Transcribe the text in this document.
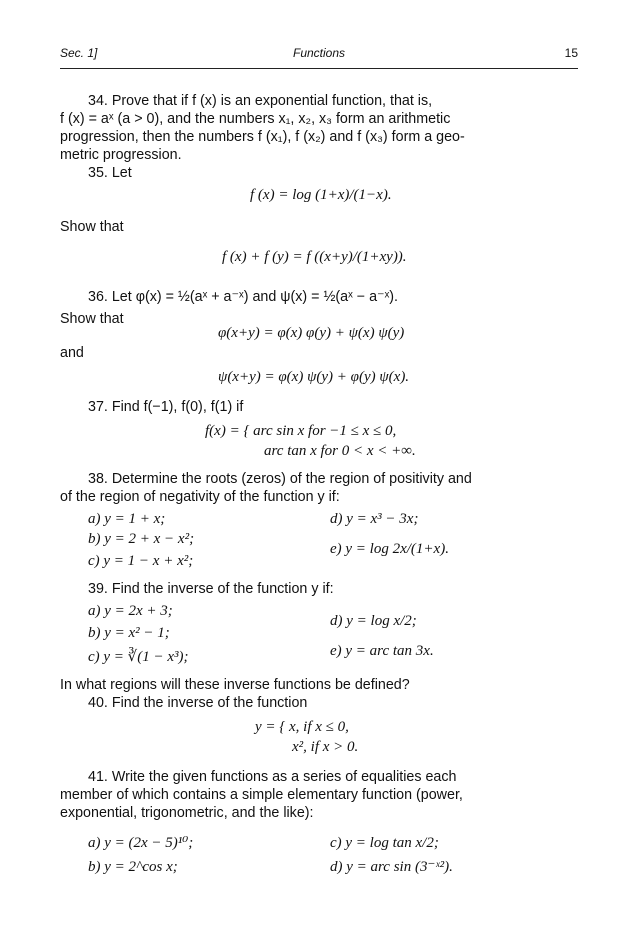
Sec. 1]	Functions	15
34. Prove that if f (x) is an exponential function, that is,
f (x) = aˣ (a > 0), and the numbers x₁, x₂, x₃ form an arithmetic
progression, then the numbers f (x₁), f (x₂) and f (x₃) form a geo-
metric progression.
35. Let
f (x) = log (1+x)/(1−x).
Show that
f (x) + f (y) = f ((x+y)/(1+xy)).
36. Let φ(x) = ½(aˣ + a⁻ˣ) and ψ(x) = ½(aˣ − a⁻ˣ).
Show that
φ(x+y) = φ(x) φ(y) + ψ(x) ψ(y)
and
ψ(x+y) = φ(x) ψ(y) + φ(y) ψ(x).
37. Find f(−1), f(0), f(1) if
f(x) = { arc sin x for −1 ≤ x ≤ 0,
arc tan x for 0 < x < +∞.
38. Determine the roots (zeros) of the region of positivity and
of the region of negativity of the function y if:
a) y = 1 + x;	d) y = x³ − 3x;
b) y = 2 + x − x²;
e) y = log 2x/(1+x).
c) y = 1 − x + x²;
39. Find the inverse of the function y if:
a) y = 2x + 3;
d) y = log x/2;
b) y = x² − 1;
c) y = ∛(1 − x³);	e) y = arc tan 3x.
In what regions will these inverse functions be defined?
40. Find the inverse of the function
y = { x, if x ≤ 0,
x², if x > 0.
41. Write the given functions as a series of equalities each
member of which contains a simple elementary function (power,
exponential, trigonometric, and the like):
a) y = (2x − 5)¹⁰;	c) y = log tan x/2;
b) y = 2^cos x;	d) y = arc sin (3⁻ˣ²).
